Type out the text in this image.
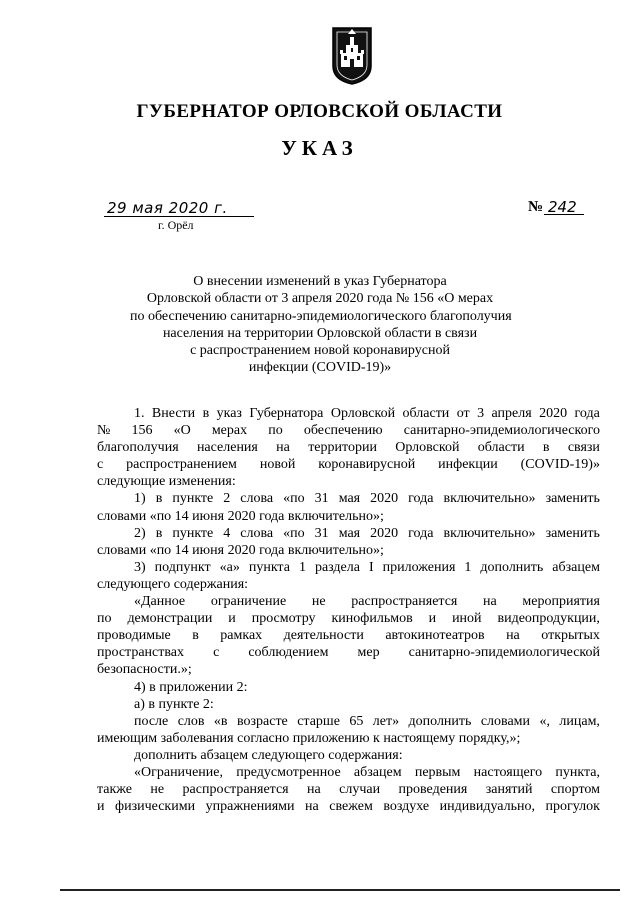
ГУБЕРНАТОР ОРЛОВСКОЙ ОБЛАСТИ
УКАЗ
29 мая 2020 г.
г. Орёл
№ 242
О внесении изменений в указ Губернатора
Орловской области от 3 апреля 2020 года № 156 «О мерах
по обеспечению санитарно-эпидемиологического благополучия
населения на территории Орловской области в связи
с распространением новой коронавирусной
инфекции (COVID-19)»
1. Внести в указ Губернатора Орловской области от 3 апреля 2020 года
№ 156 «О мерах по обеспечению санитарно-эпидемиологического
благополучия населения на территории Орловской области в связи
с распространением новой коронавирусной инфекции (COVID-19)»
следующие изменения:
1) в пункте 2 слова «по 31 мая 2020 года включительно» заменить
словами «по 14 июня 2020 года включительно»;
2) в пункте 4 слова «по 31 мая 2020 года включительно» заменить
словами «по 14 июня 2020 года включительно»;
3) подпункт «а» пункта 1 раздела I приложения 1 дополнить абзацем
следующего содержания:
«Данное ограничение не распространяется на мероприятия
по демонстрации и просмотру кинофильмов и иной видеопродукции,
проводимые в рамках деятельности автокинотеатров на открытых
пространствах с соблюдением мер санитарно-эпидемиологической
безопасности.»;
4) в приложении 2:
а) в пункте 2:
после слов «в возрасте старше 65 лет» дополнить словами «, лицам,
имеющим заболевания согласно приложению к настоящему порядку,»;
дополнить абзацем следующего содержания:
«Ограничение, предусмотренное абзацем первым настоящего пункта,
также не распространяется на случаи проведения занятий спортом
и физическими упражнениями на свежем воздухе индивидуально, прогулок
